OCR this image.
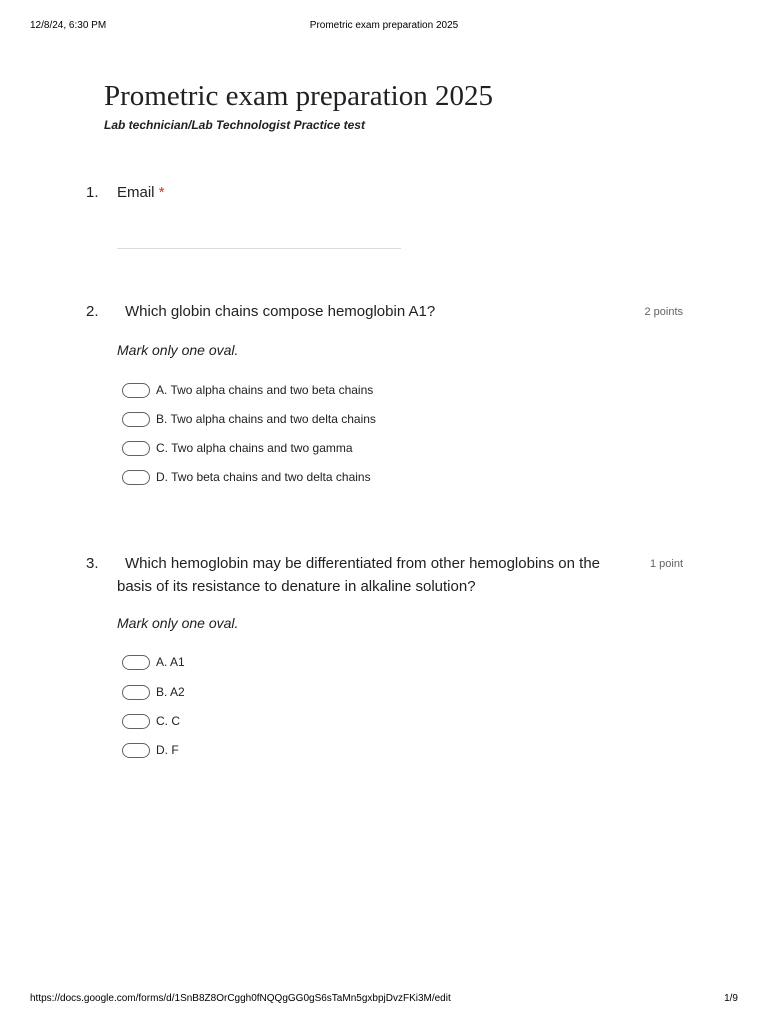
12/8/24, 6:30 PM	Prometric exam preparation 2025
Prometric exam preparation 2025
Lab technician/Lab Technologist Practice test
1. Email *
2. Which globin chains compose hemoglobin A1?	2 points
Mark only one oval.
A. Two alpha chains and two beta chains
B. Two alpha chains and two delta chains
C. Two alpha chains and two gamma
D. Two beta chains and two delta chains
3.	Which hemoglobin may be differentiated from other hemoglobins on the basis of its resistance to denature in alkaline solution?
1 point
Mark only one oval.
A. A1
B. A2
C. C
D. F
https://docs.google.com/forms/d/1SnB8Z8OrCggh0fNQQgGG0gS6sTaMn5gxbpjDvzFKi3M/edit	1/9
